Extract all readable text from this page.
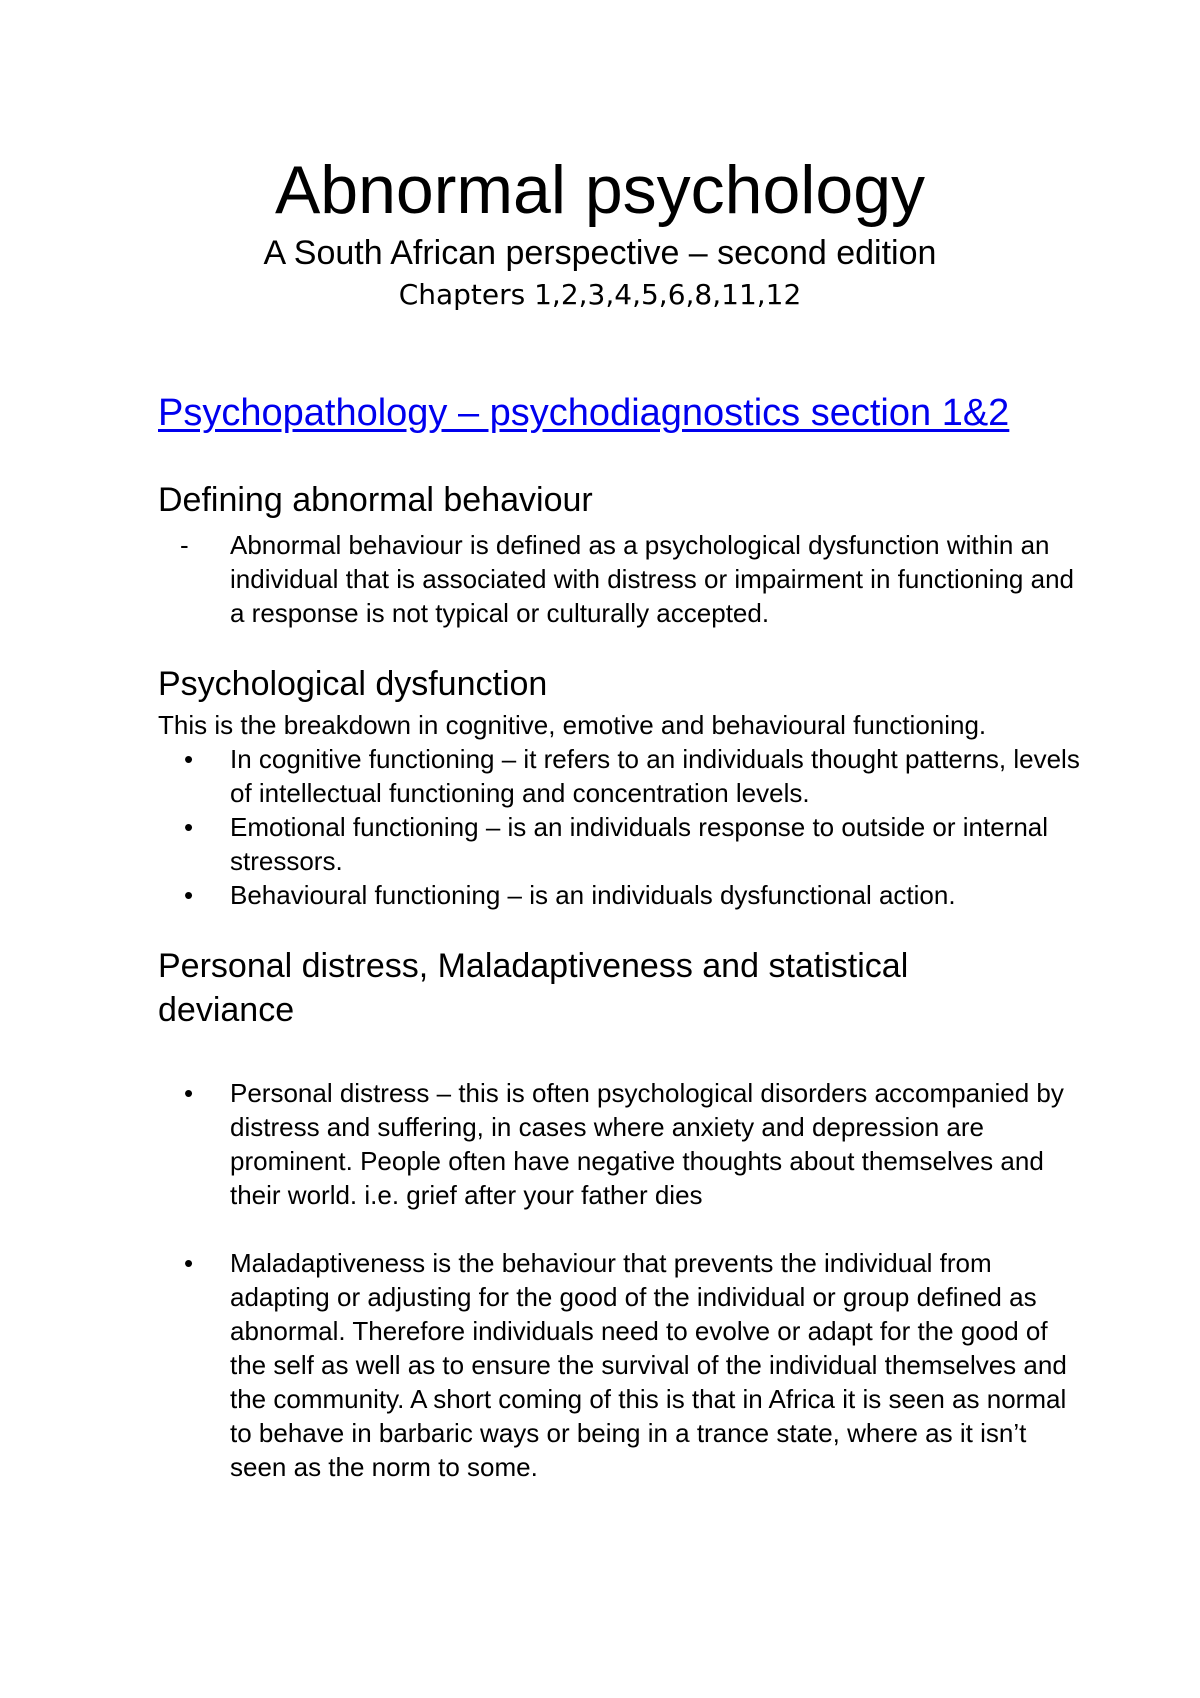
Abnormal psychology

A South African perspective – second edition

Chapters 1,2,3,4,5,6,8,11,12

Psychopathology – psychodiagnostics section 1&2
Defining abnormal behaviour
- Abnormal behaviour is defined as a psychological dysfunction within an individual that is associated with distress or impairment in functioning and a response is not typical or culturally accepted.
Psychological dysfunction

This is the breakdown in cognitive, emotive and behavioural functioning.

• In cognitive functioning – it refers to an individuals thought patterns, levels of intellectual functioning and concentration levels.
• Emotional functioning – is an individuals response to outside or internal stressors.
• Behavioural functioning – is an individuals dysfunctional action.
Personal distress, Maladaptiveness and statistical deviance
• Personal distress – this is often psychological disorders accompanied by distress and suffering, in cases where anxiety and depression are prominent. People often have negative thoughts about themselves and their world. i.e. grief after your father dies
• Maladaptiveness is the behaviour that prevents the individual from adapting or adjusting for the good of the individual or group defined as abnormal. Therefore individuals need to evolve or adapt for the good of the self as well as to ensure the survival of the individual themselves and the community. A short coming of this is that in Africa it is seen as normal to behave in barbaric ways or being in a trance state, where as it isn’t seen as the norm to some.
